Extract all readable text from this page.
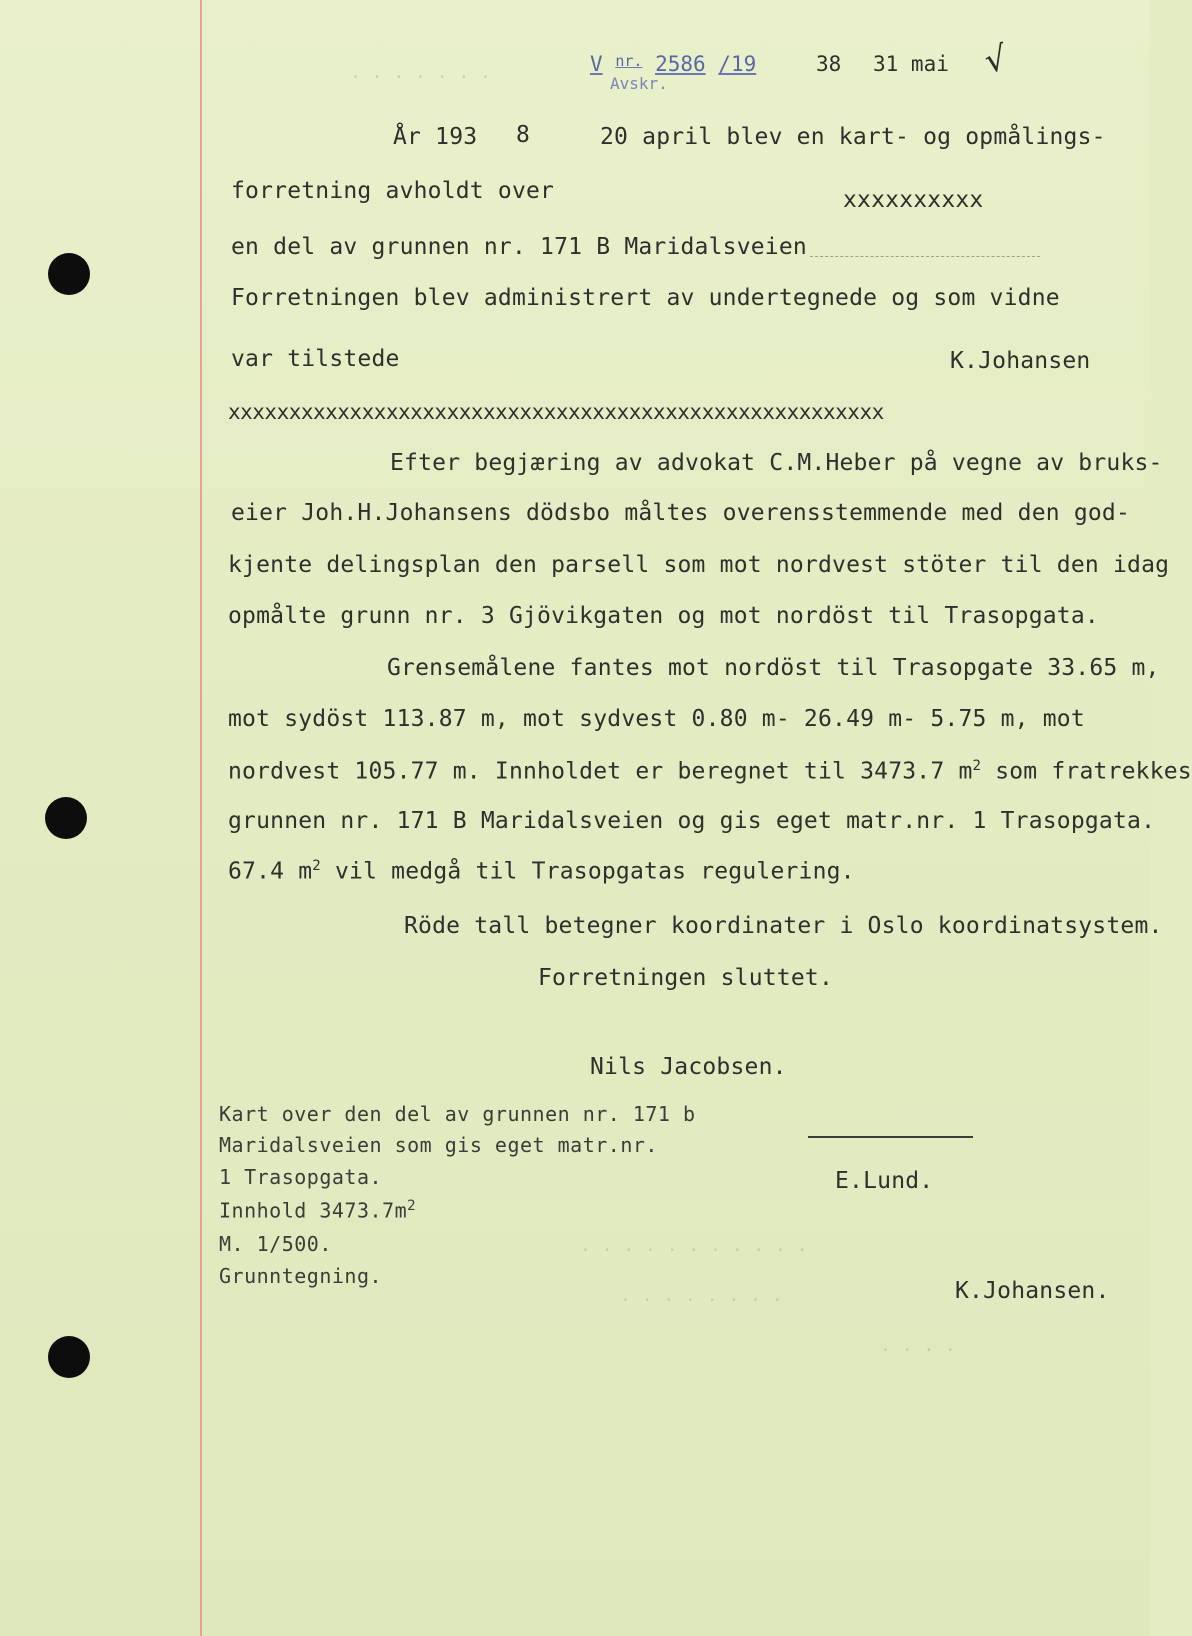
. . . . . . .
. . . . . . . . . . .
. . . . . . . .
. . . .
V $^{nr.}$ 2586 /19
Avskr.
38 31 mai √
År 193 8	20 april blev en kart- og opmålings-
forretning avholdt over	xxxxxxxxxx
en del av grunnen nr. 171 B Maridalsveien
Forretningen blev administrert av undertegnede og som vidne
var tilstede	K.Johansen
xxxxxxxxxxxxxxxxxxxxxxxxxxxxxxxxxxxxxxxxxxxxxxxxxxxxxx
Efter begjæring av advokat C.M.Heber på vegne av bruks-
eier Joh.H.Johansens dödsbo måltes overensstemmende med den god-
kjente delingsplan den parsell som mot nordvest stöter til den idag
opmålte grunn nr. 3 Gjövikgaten og mot nordöst til Trasopgata.
Grensemålene fantes mot nordöst til Trasopgate 33.65 m,
mot sydöst 113.87 m, mot sydvest 0.80 m- 26.49 m- 5.75 m, mot
nordvest 105.77 m. Innholdet er beregnet til 3473.7 $m^2$ som fratrekkes
grunnen nr. 171 B Maridalsveien og gis eget matr.nr. 1 Trasopgata.
67.4 $m^2$ vil medgå til Trasopgatas regulering.
Röde tall betegner koordinater i Oslo koordinatsystem.
Forretningen sluttet.
Nils Jacobsen.
E.Lund.
K.Johansen.
Kart over den del av grunnen nr. 171 b
Maridalsveien som gis eget matr.nr.
1 Trasopgata.
Innhold $3473.7m^2$
M. 1/500.
Grunntegning.
